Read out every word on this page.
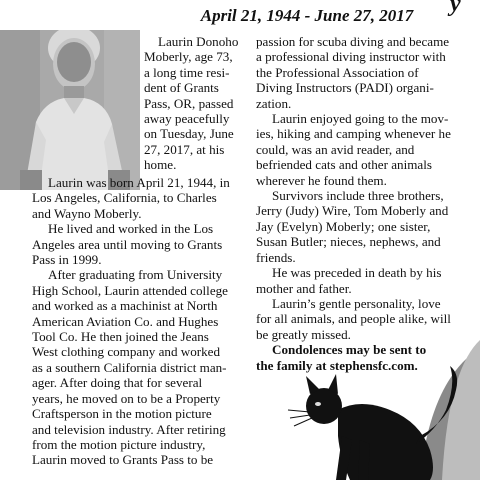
y
April 21, 1944 - June 27, 2017
Laurin Donoho
Moberly, age 73,
a long time resi-
dent of Grants
Pass, OR, passed
away peacefully
on Tuesday, June
27, 2017, at his
home.
Laurin was born April 21, 1944, in
Los Angeles, California, to Charles
and Wayno Moberly.
He lived and worked in the Los
Angeles area until moving to Grants
Pass in 1999.
After graduating from University
High School, Laurin attended college
and worked as a machinist at North
American Aviation Co. and Hughes
Tool Co. He then joined the Jeans
West clothing company and worked
as a southern California district man-
ager. After doing that for several
years, he moved on to be a Property
Craftsperson in the motion picture
and television industry. After retiring
from the motion picture industry,
Laurin moved to Grants Pass to be
passion for scuba diving and became
a professional diving instructor with
the Professional Association of
Diving Instructors (PADI) organi-
zation.
Laurin enjoyed going to the mov-
ies, hiking and camping whenever he
could, was an avid reader, and
befriended cats and other animals
wherever he found them.
Survivors include three brothers,
Jerry (Judy) Wire, Tom Moberly and
Jay (Evelyn) Moberly; one sister,
Susan Butler; nieces, nephews, and
friends.
He was preceded in death by his
mother and father.
Laurin’s gentle personality, love
for all animals, and people alike, will
be greatly missed.
Condolences may be sent to
the family at stephensfc.com.
